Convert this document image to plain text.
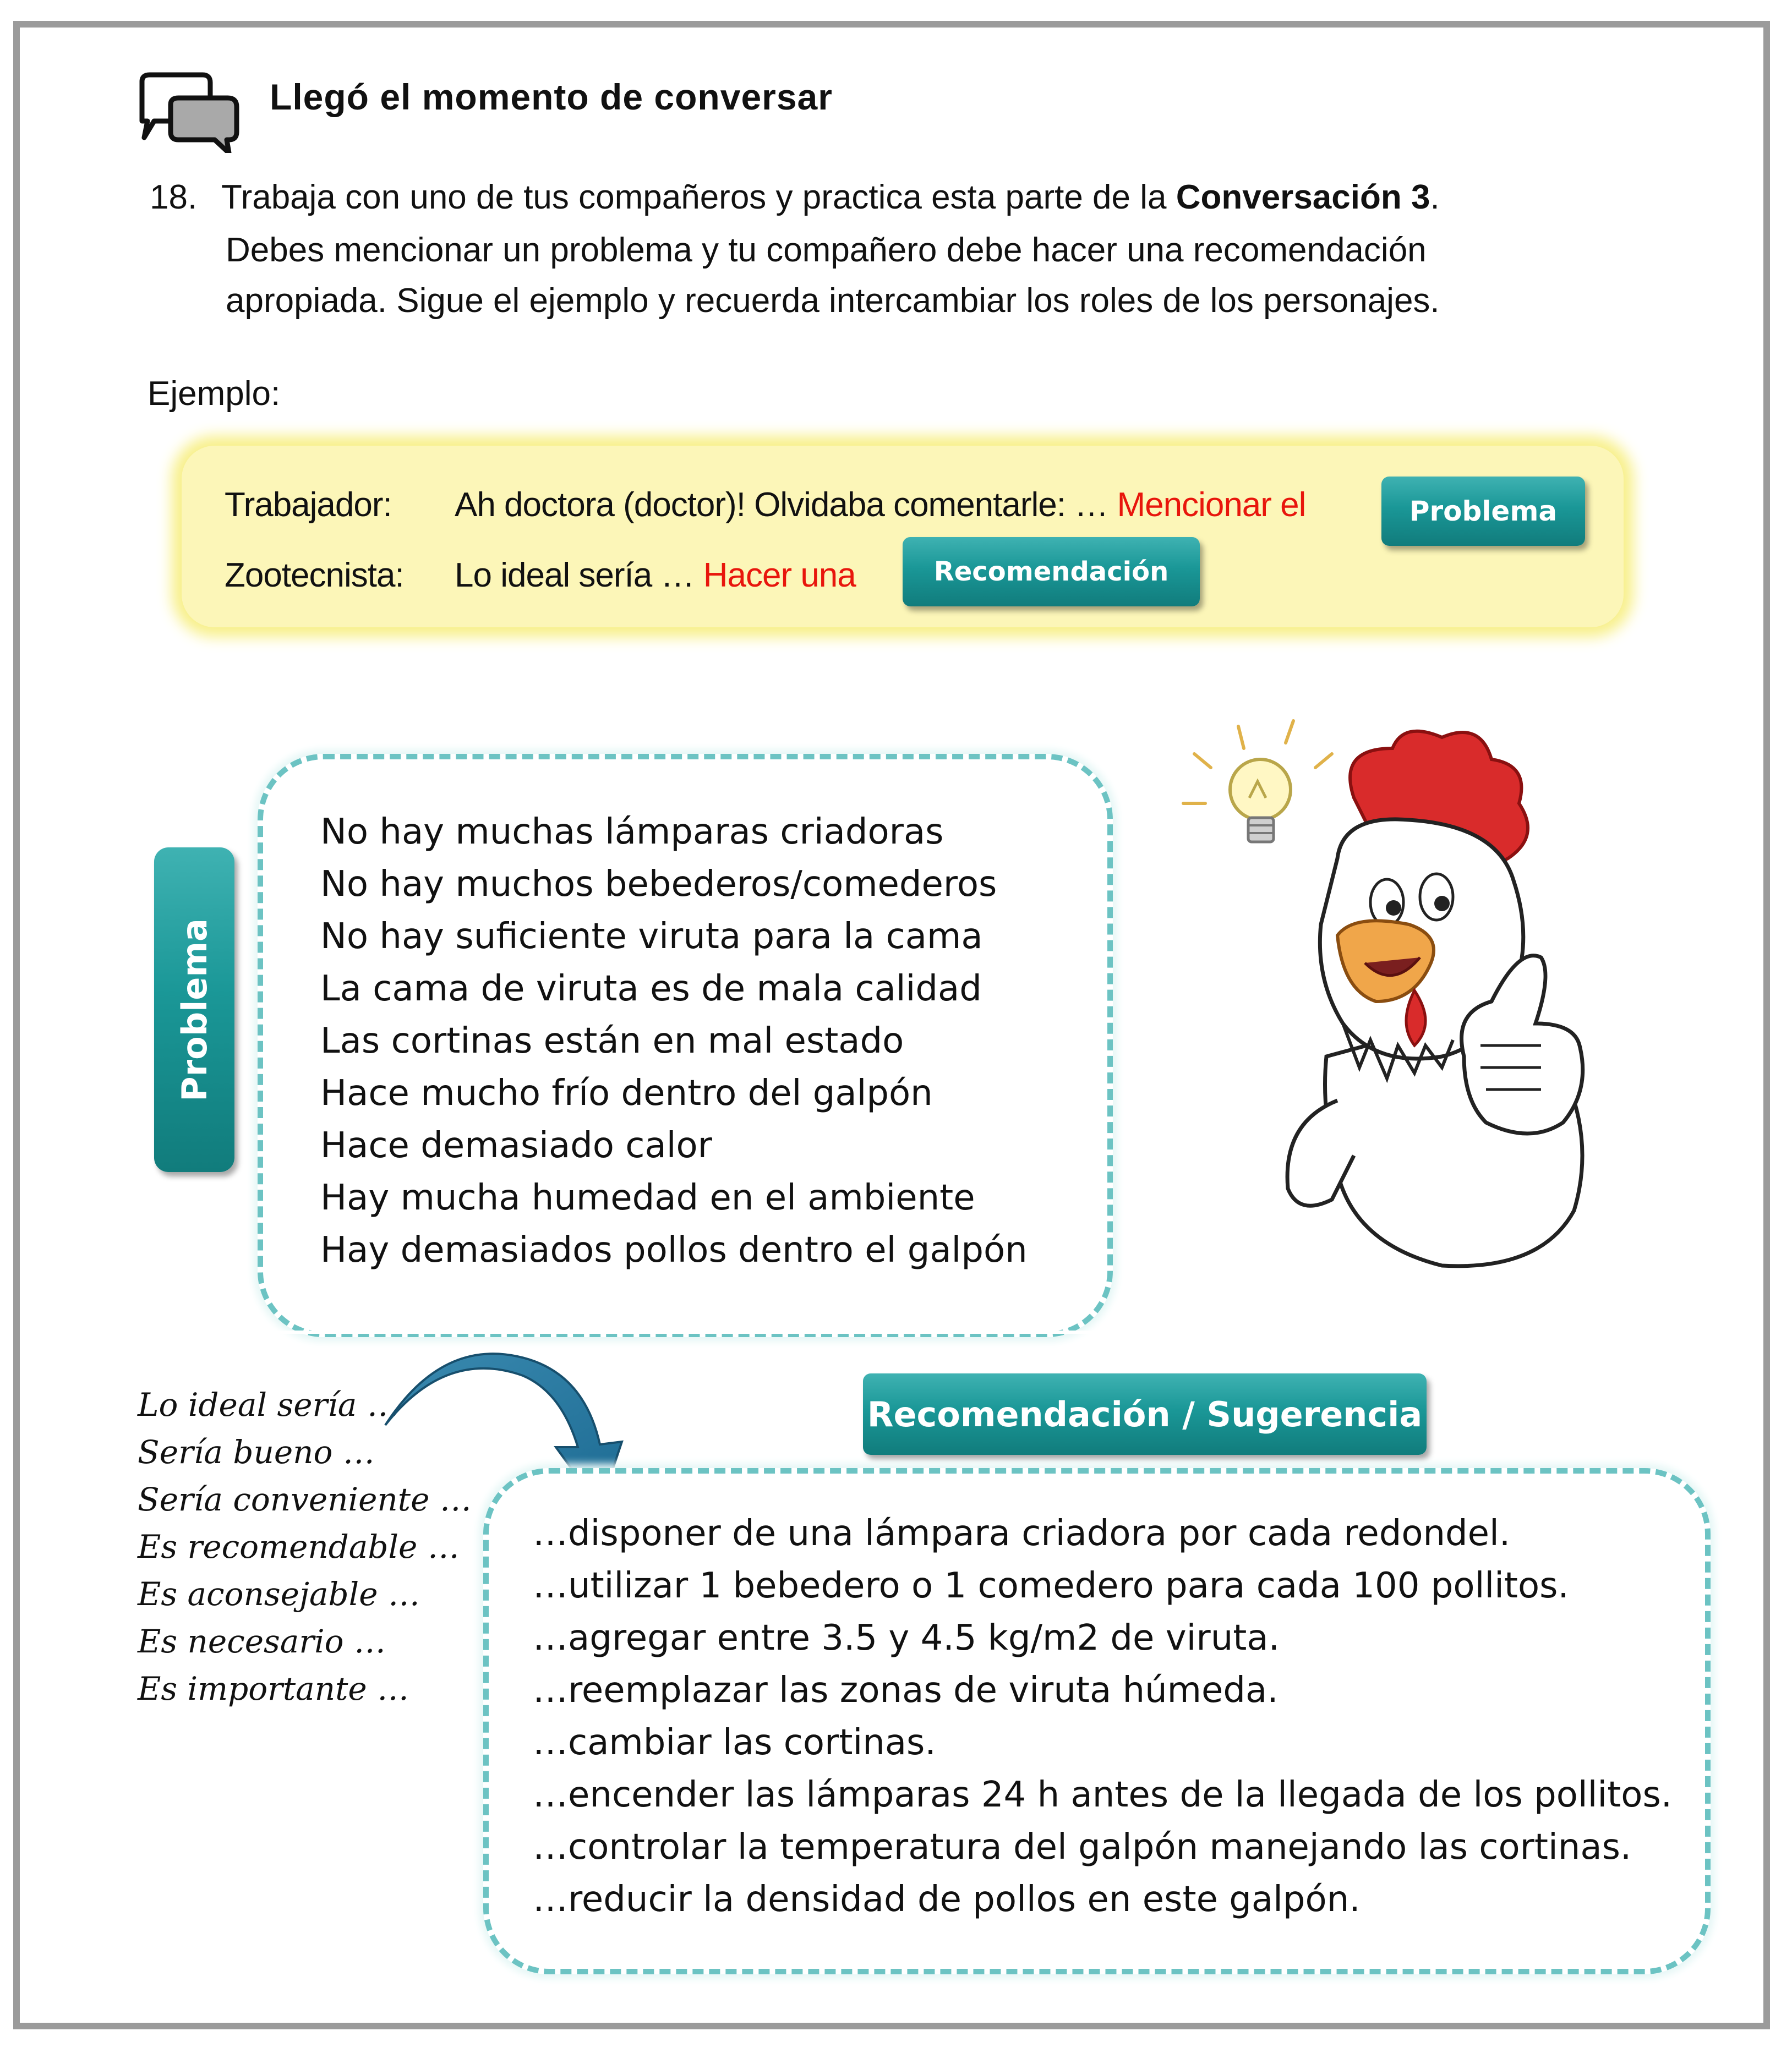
Llegó el momento de conversar
18. Trabaja con uno de tus compañeros y practica esta parte de la Conversación 3.
Debes mencionar un problema y tu compañero debe hacer una recomendación
apropiada. Sigue el ejemplo y recuerda intercambiar los roles de los personajes.
Ejemplo:
Trabajador: Ah doctora (doctor)! Olvidaba comentarle: … Mencionar el	Problema
Zootecnista: Lo ideal sería … Hacer una	Recomendación
Problema
No hay muchas lámparas criadoras
No hay muchos bebederos/comederos
No hay suficiente viruta para la cama
La cama de viruta es de mala calidad
Las cortinas están en mal estado
Hace mucho frío dentro del galpón
Hace demasiado calor
Hay mucha humedad en el ambiente
Hay demasiados pollos dentro el galpón
Lo ideal sería …
Sería bueno …
Sería conveniente …
Es recomendable …
Es aconsejable …
Es necesario …
Es importante …
Recomendación / Sugerencia
…disponer de una lámpara criadora por cada redondel.
…utilizar 1 bebedero o 1 comedero para cada 100 pollitos.
…agregar entre 3.5 y 4.5 kg/m2 de viruta.
…reemplazar las zonas de viruta húmeda.
…cambiar las cortinas.
…encender las lámparas 24 h antes de la llegada de los pollitos.
…controlar la temperatura del galpón manejando las cortinas.
…reducir la densidad de pollos en este galpón.
